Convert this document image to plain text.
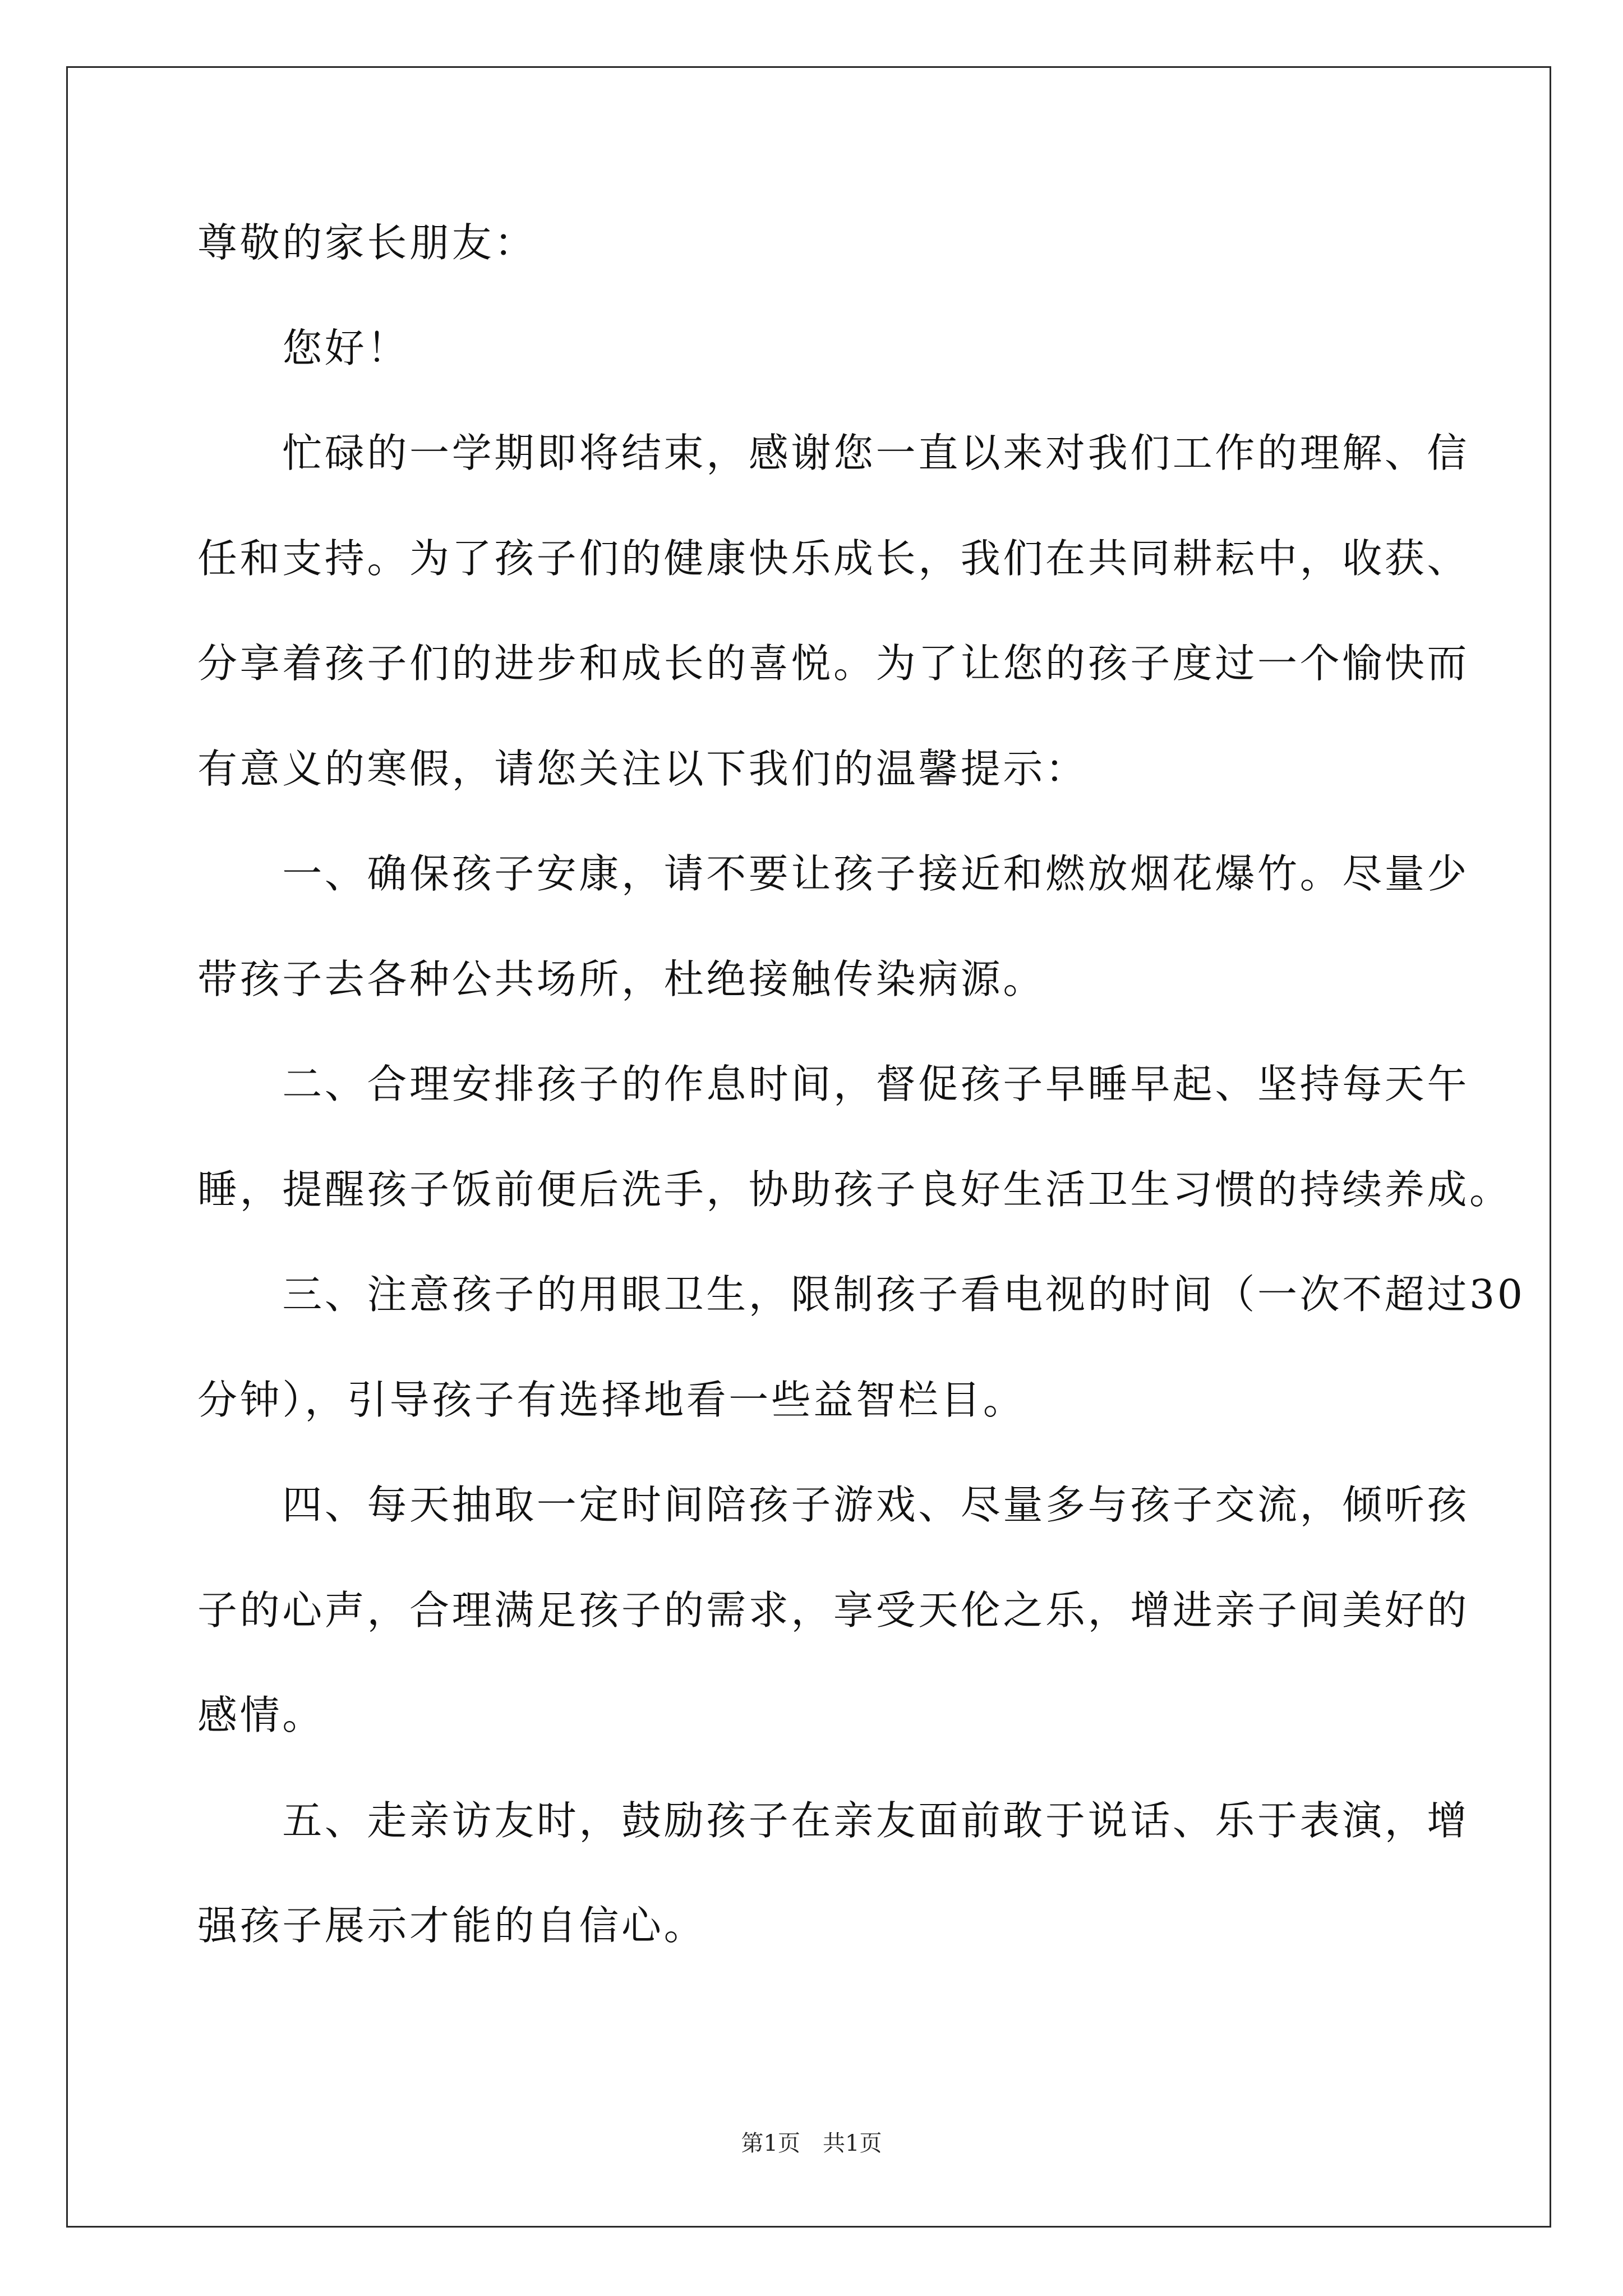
尊敬的家长朋友：
　　您好！
　　忙碌的一学期即将结束，感谢您一直以来对我们工作的理解、信
任和支持。为了孩子们的健康快乐成长，我们在共同耕耘中，收获、
分享着孩子们的进步和成长的喜悦。为了让您的孩子度过一个愉快而
有意义的寒假，请您关注以下我们的温馨提示：
　　一、确保孩子安康，请不要让孩子接近和燃放烟花爆竹。尽量少
带孩子去各种公共场所，杜绝接触传染病源。
　　二、合理安排孩子的作息时间，督促孩子早睡早起、坚持每天午
睡，提醒孩子饭前便后洗手，协助孩子良好生活卫生习惯的持续养成。
　　三、注意孩子的用眼卫生，限制孩子看电视的时间（一次不超过30
分钟），引导孩子有选择地看一些益智栏目。
　　四、每天抽取一定时间陪孩子游戏、尽量多与孩子交流，倾听孩
子的心声，合理满足孩子的需求，享受天伦之乐，增进亲子间美好的
感情。
　　五、走亲访友时，鼓励孩子在亲友面前敢于说话、乐于表演，增
强孩子展示才能的自信心。
第1页　共1页
